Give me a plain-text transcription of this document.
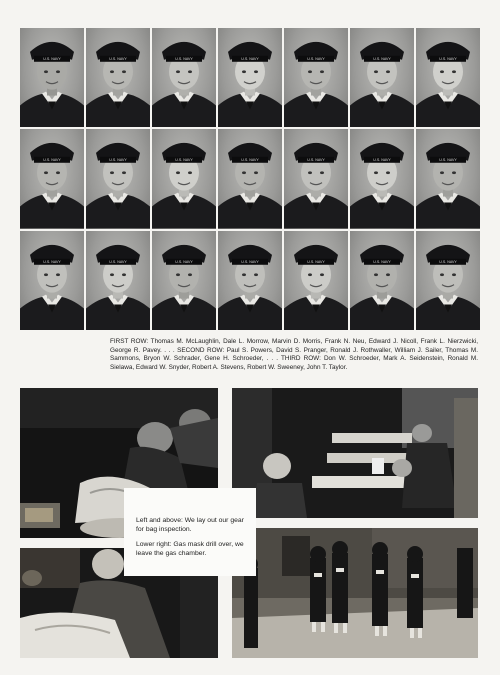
U.S. NAVY	U.S. NAVY	U.S. NAVY	U.S. NAVY	U.S. NAVY	U.S. NAVY	U.S. NAVY
U.S. NAVY	U.S. NAVY	U.S. NAVY	U.S. NAVY	U.S. NAVY	U.S. NAVY	U.S. NAVY
U.S. NAVY	U.S. NAVY	U.S. NAVY	U.S. NAVY	U.S. NAVY	U.S. NAVY	U.S. NAVY
FIRST ROW: Thomas M. McLaughlin, Dale L. Morrow, Marvin D. Morris, Frank N. Neu, Edward J. Nicoll, Frank L. Nierzwicki, George R. Pavey. . . . SECOND ROW: Paul S. Powers, David S. Pranger, Ronald J. Rothwaller, William J. Sailer, Thomas M. Sammons, Bryon W. Schrader, Gene H. Schroeder, . . . THIRD ROW: Don W. Schroeder, Mark A. Seidenstein, Ronald M. Sielawa, Edward W. Snyder, Robert A. Stevens, Robert W. Sweeney, John T. Taylor.

Left and above: We lay out our gear for bag inspection.

Lower right: Gas mask drill over, we leave the gas chamber.
